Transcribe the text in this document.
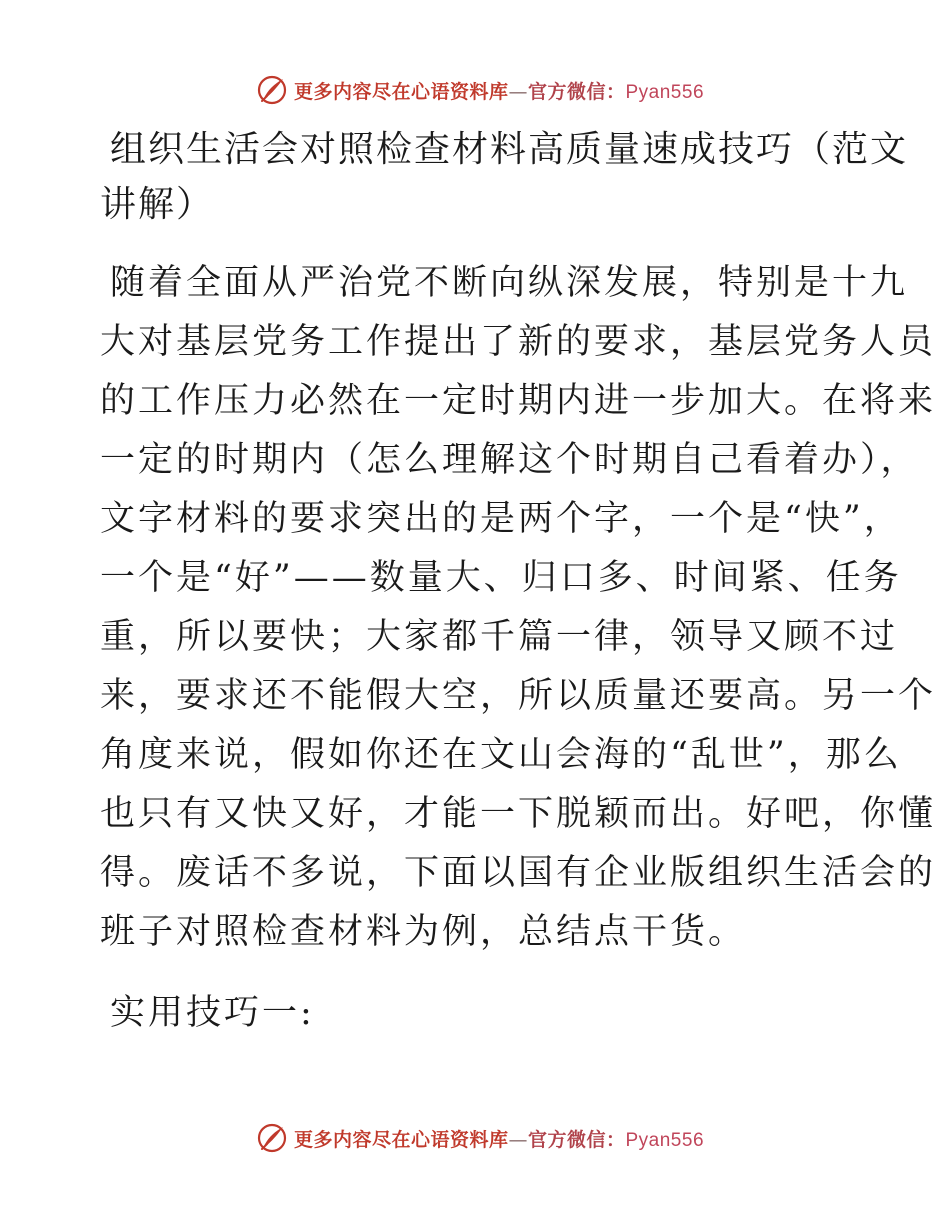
更多内容尽在心语资料库—官方微信：Pyan556
组织生活会对照检查材料高质量速成技巧（范文
讲解）

随着全面从严治党不断向纵深发展，特别是十九
大对基层党务工作提出了新的要求，基层党务人员
的工作压力必然在一定时期内进一步加大。在将来
一定的时期内（怎么理解这个时期自己看着办），
文字材料的要求突出的是两个字，一个是“快”，
一个是“好”——数量大、归口多、时间紧、任务
重，所以要快；大家都千篇一律，领导又顾不过
来，要求还不能假大空，所以质量还要高。另一个
角度来说，假如你还在文山会海的“乱世”，那么
也只有又快又好，才能一下脱颖而出。好吧，你懂
得。废话不多说，下面以国有企业版组织生活会的
班子对照检查材料为例，总结点干货。

实用技巧一:

更多内容尽在心语资料库—官方微信：Pyan556
